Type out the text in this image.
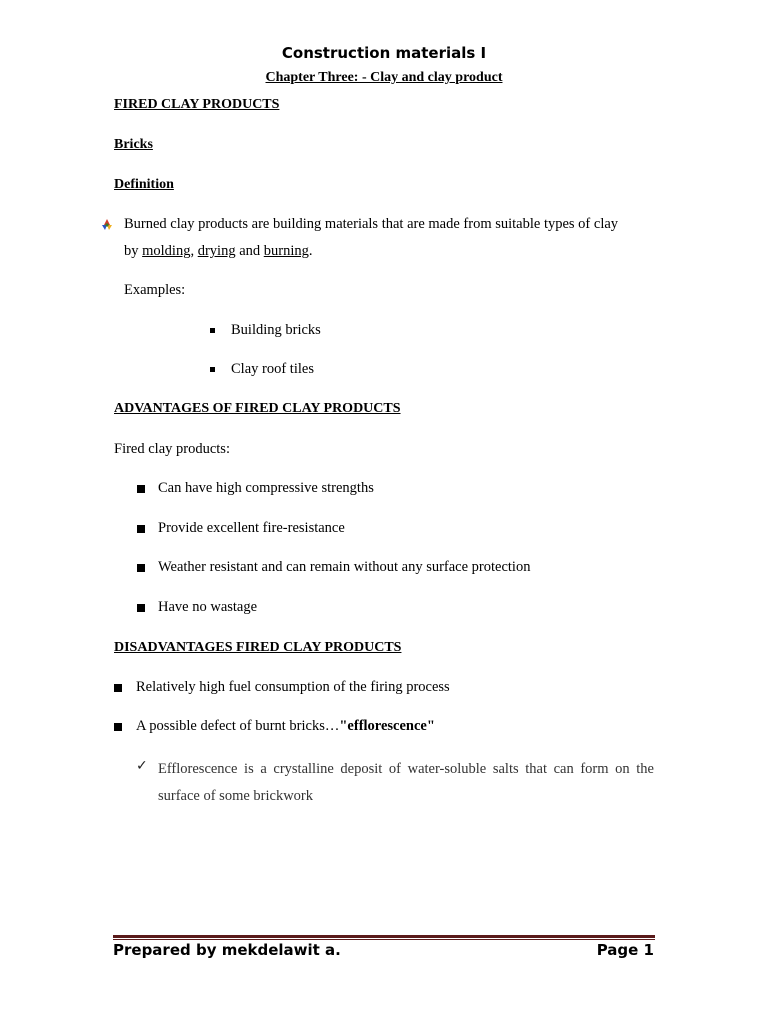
Construction materials I
Chapter Three: - Clay and clay product
FIRED CLAY PRODUCTS
Bricks
Definition
Burned clay products are building materials that are made from suitable types of clay
by molding, drying and burning.
Examples:
Building bricks
Clay roof tiles
ADVANTAGES OF FIRED CLAY PRODUCTS
Fired clay products:
Can have high compressive strengths
Provide excellent fire-resistance
Weather resistant and can remain without any surface protection
Have no wastage
DISADVANTAGES FIRED CLAY PRODUCTS
Relatively high fuel consumption of the firing process
A possible defect of burnt bricks…"efflorescence"
✓ Efflorescence is a crystalline deposit of water-soluble salts that can form on the surface of some brickwork
Prepared by mekdelawit a.	Page 1
